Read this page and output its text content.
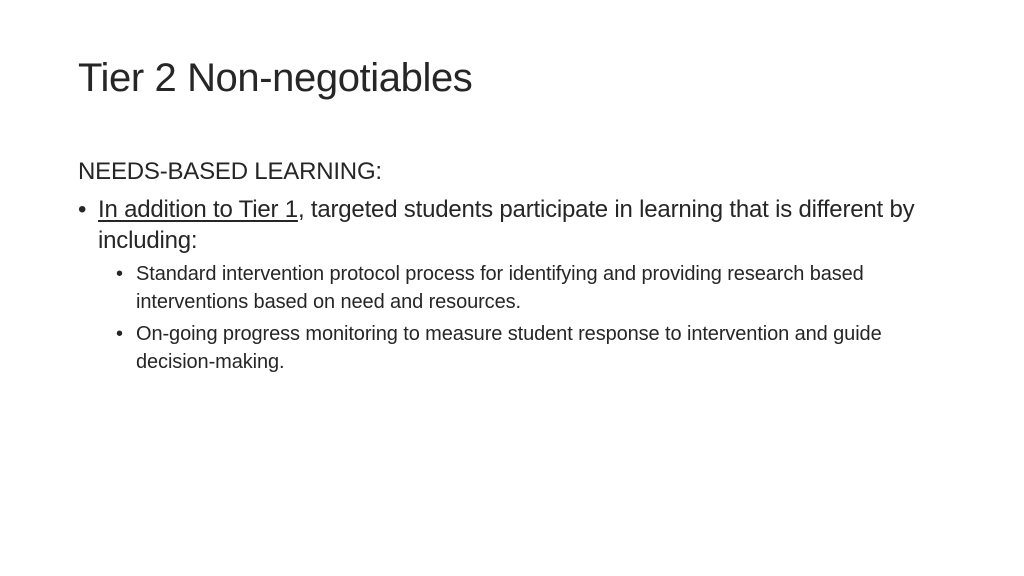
Tier 2 Non-negotiables
NEEDS-BASED LEARNING:
• In addition to Tier 1, targeted students participate in learning that is different by including:
• Standard intervention protocol process for identifying and providing research based interventions based on need and resources.
• On-going progress monitoring to measure student response to intervention and guide decision-making.
